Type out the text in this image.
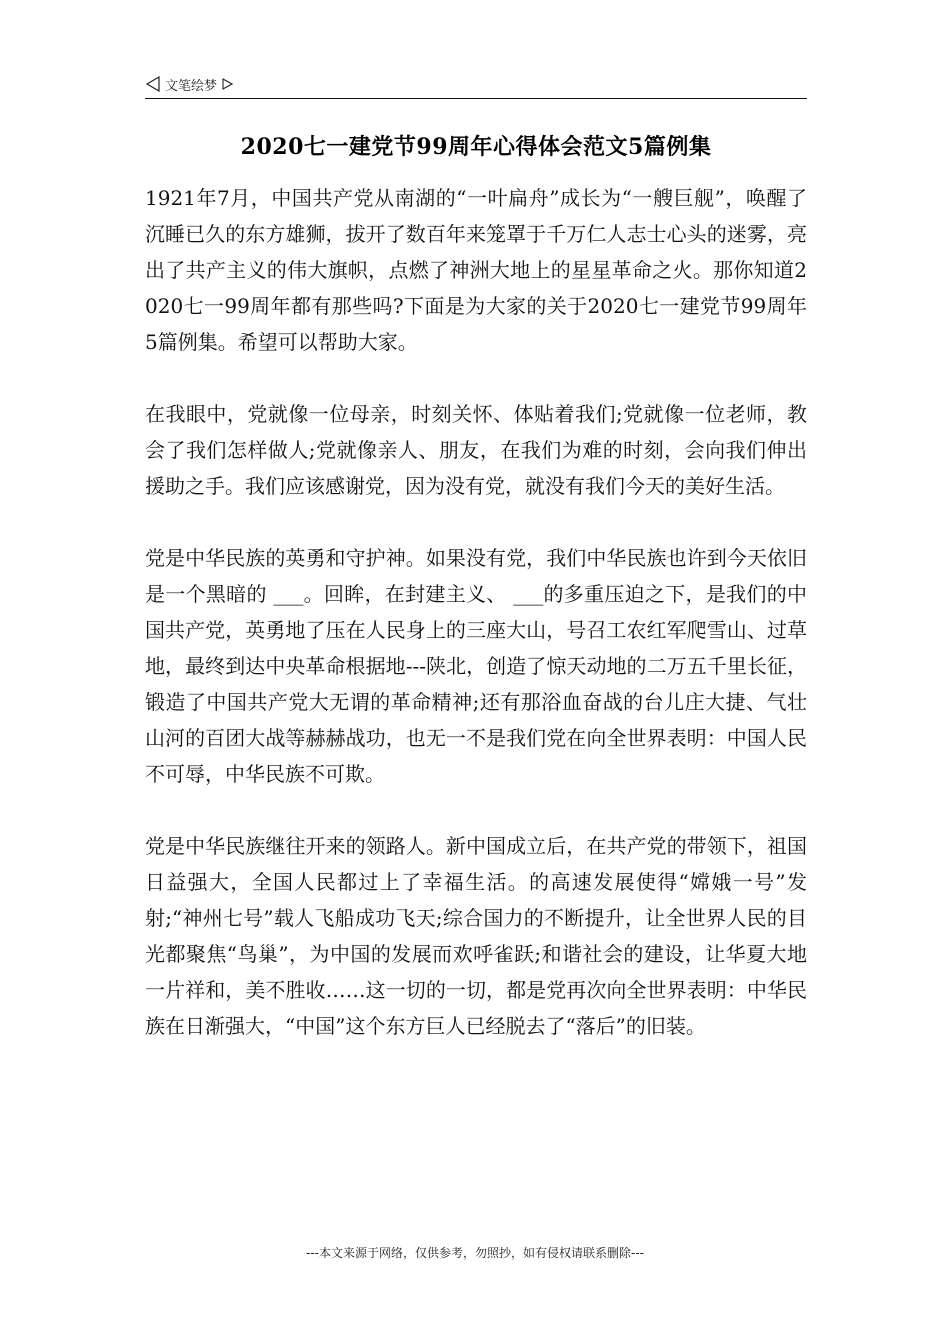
文笔绘梦
2020七一建党节99周年心得体会范文5篇例集

1921年7月，中国共产党从南湖的“一叶扁舟”成长为“一艘巨舰”，唤醒了沉睡已久的东方雄狮，拔开了数百年来笼罩于千万仁人志士心头的迷雾，亮出了共产主义的伟大旗帜，点燃了神洲大地上的星星革命之火。那你知道2020七一99周年都有那些吗?下面是为大家的关于2020七一建党节99周年5篇例集。希望可以帮助大家。

在我眼中，党就像一位母亲，时刻关怀、体贴着我们;党就像一位老师，教会了我们怎样做人;党就像亲人、朋友，在我们为难的时刻，会向我们伸出援助之手。我们应该感谢党，因为没有党，就没有我们今天的美好生活。

党是中华民族的英勇和守护神。如果没有党，我们中华民族也许到今天依旧是一个黑暗的 ___。回眸，在封建主义、 ___的多重压迫之下，是我们的中国共产党，英勇地了压在人民身上的三座大山，号召工农红军爬雪山、过草地，最终到达中央革命根据地---陕北，创造了惊天动地的二万五千里长征，锻造了中国共产党大无谓的革命精神;还有那浴血奋战的台儿庄大捷、气壮山河的百团大战等赫赫战功，也无一不是我们党在向全世界表明：中国人民不可辱，中华民族不可欺。

党是中华民族继往开来的领路人。新中国成立后，在共产党的带领下，祖国日益强大，全国人民都过上了幸福生活。的高速发展使得“嫦娥一号”发射;“神州七号”载人飞船成功飞天;综合国力的不断提升，让全世界人民的目光都聚焦“鸟巢”，为中国的发展而欢呼雀跃;和谐社会的建设，让华夏大地一片祥和，美不胜收……这一切的一切，都是党再次向全世界表明：中华民族在日渐强大，“中国”这个东方巨人已经脱去了“落后”的旧装。

---本文来源于网络，仅供参考，勿照抄，如有侵权请联系删除---
